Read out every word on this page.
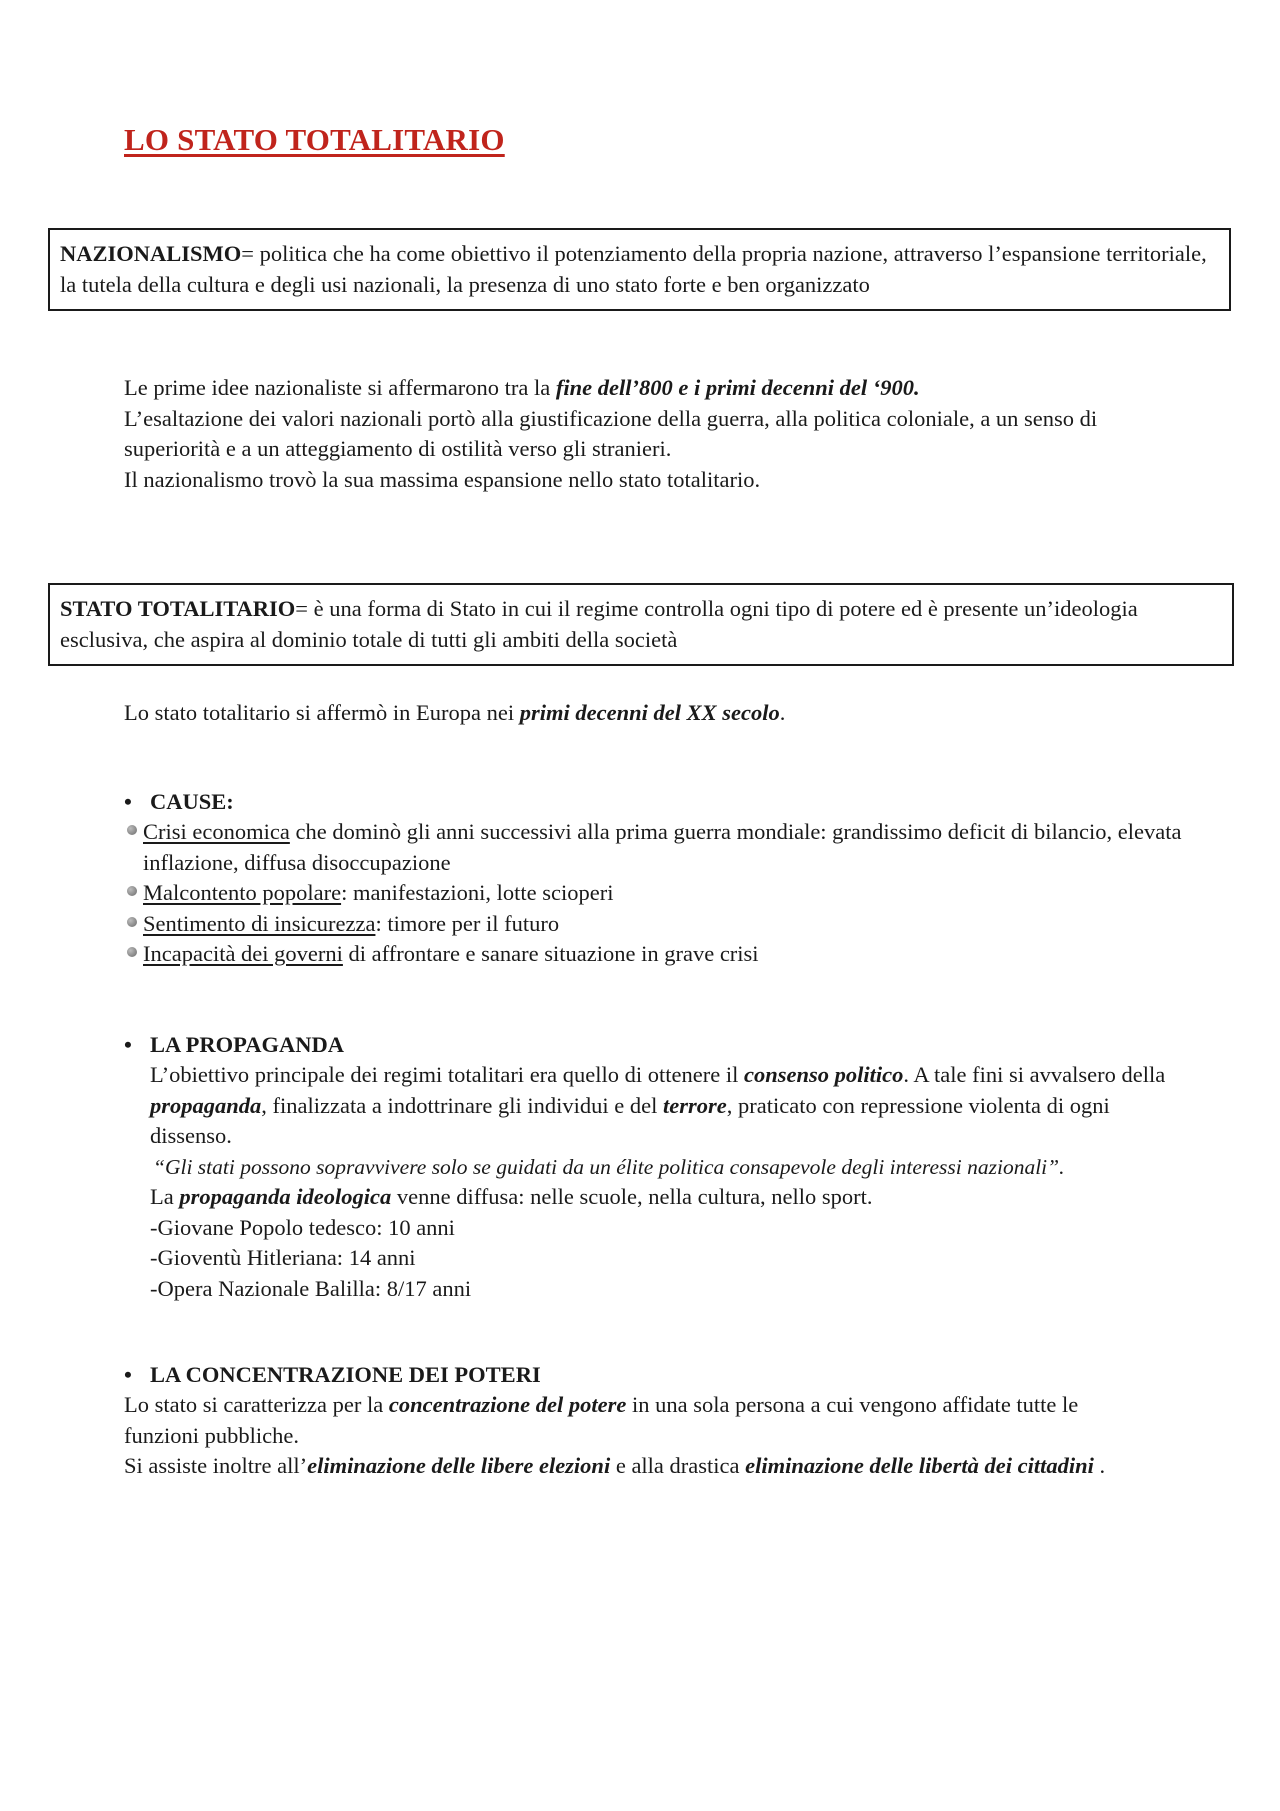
LO STATO TOTALITARIO
NAZIONALISMO= politica che ha come obiettivo il potenziamento della propria nazione, attraverso l’espansione territoriale, la tutela della cultura e degli usi nazionali, la presenza di uno stato forte e ben organizzato
Le prime idee nazionaliste si affermarono tra la fine dell’800 e i primi decenni del ‘900.
L’esaltazione dei valori nazionali portò alla giustificazione della guerra, alla politica coloniale, a un senso di superiorità e a un atteggiamento di ostilità verso gli stranieri.
Il nazionalismo trovò la sua massima espansione nello stato totalitario.
STATO TOTALITARIO= è una forma di Stato in cui il regime controlla ogni tipo di potere ed è presente un’ideologia esclusiva, che aspira al dominio totale di tutti gli ambiti della società
Lo stato totalitario si affermò in Europa nei primi decenni del XX secolo.
• CAUSE:
Crisi economica che dominò gli anni successivi alla prima guerra mondiale: grandissimo deficit di bilancio, elevata inflazione, diffusa disoccupazione
Malcontento popolare: manifestazioni, lotte scioperi
Sentimento di insicurezza: timore per il futuro
Incapacità dei governi di affrontare e sanare situazione in grave crisi
• LA PROPAGANDA
L’obiettivo principale dei regimi totalitari era quello di ottenere il consenso politico. A tale fini si avvalsero della propaganda, finalizzata a indottrinare gli individui e del terrore, praticato con repressione violenta di ogni dissenso.
“Gli stati possono sopravvivere solo se guidati da un élite politica consapevole degli interessi nazionali”.
La propaganda ideologica venne diffusa: nelle scuole, nella cultura, nello sport.
-Giovane Popolo tedesco: 10 anni
-Gioventù Hitleriana: 14 anni
-Opera Nazionale Balilla: 8/17 anni
• LA CONCENTRAZIONE DEI POTERI
Lo stato si caratterizza per la concentrazione del potere in una sola persona a cui vengono affidate tutte le funzioni pubbliche.
Si assiste inoltre all’eliminazione delle libere elezioni e alla drastica eliminazione delle libertà dei cittadini .
